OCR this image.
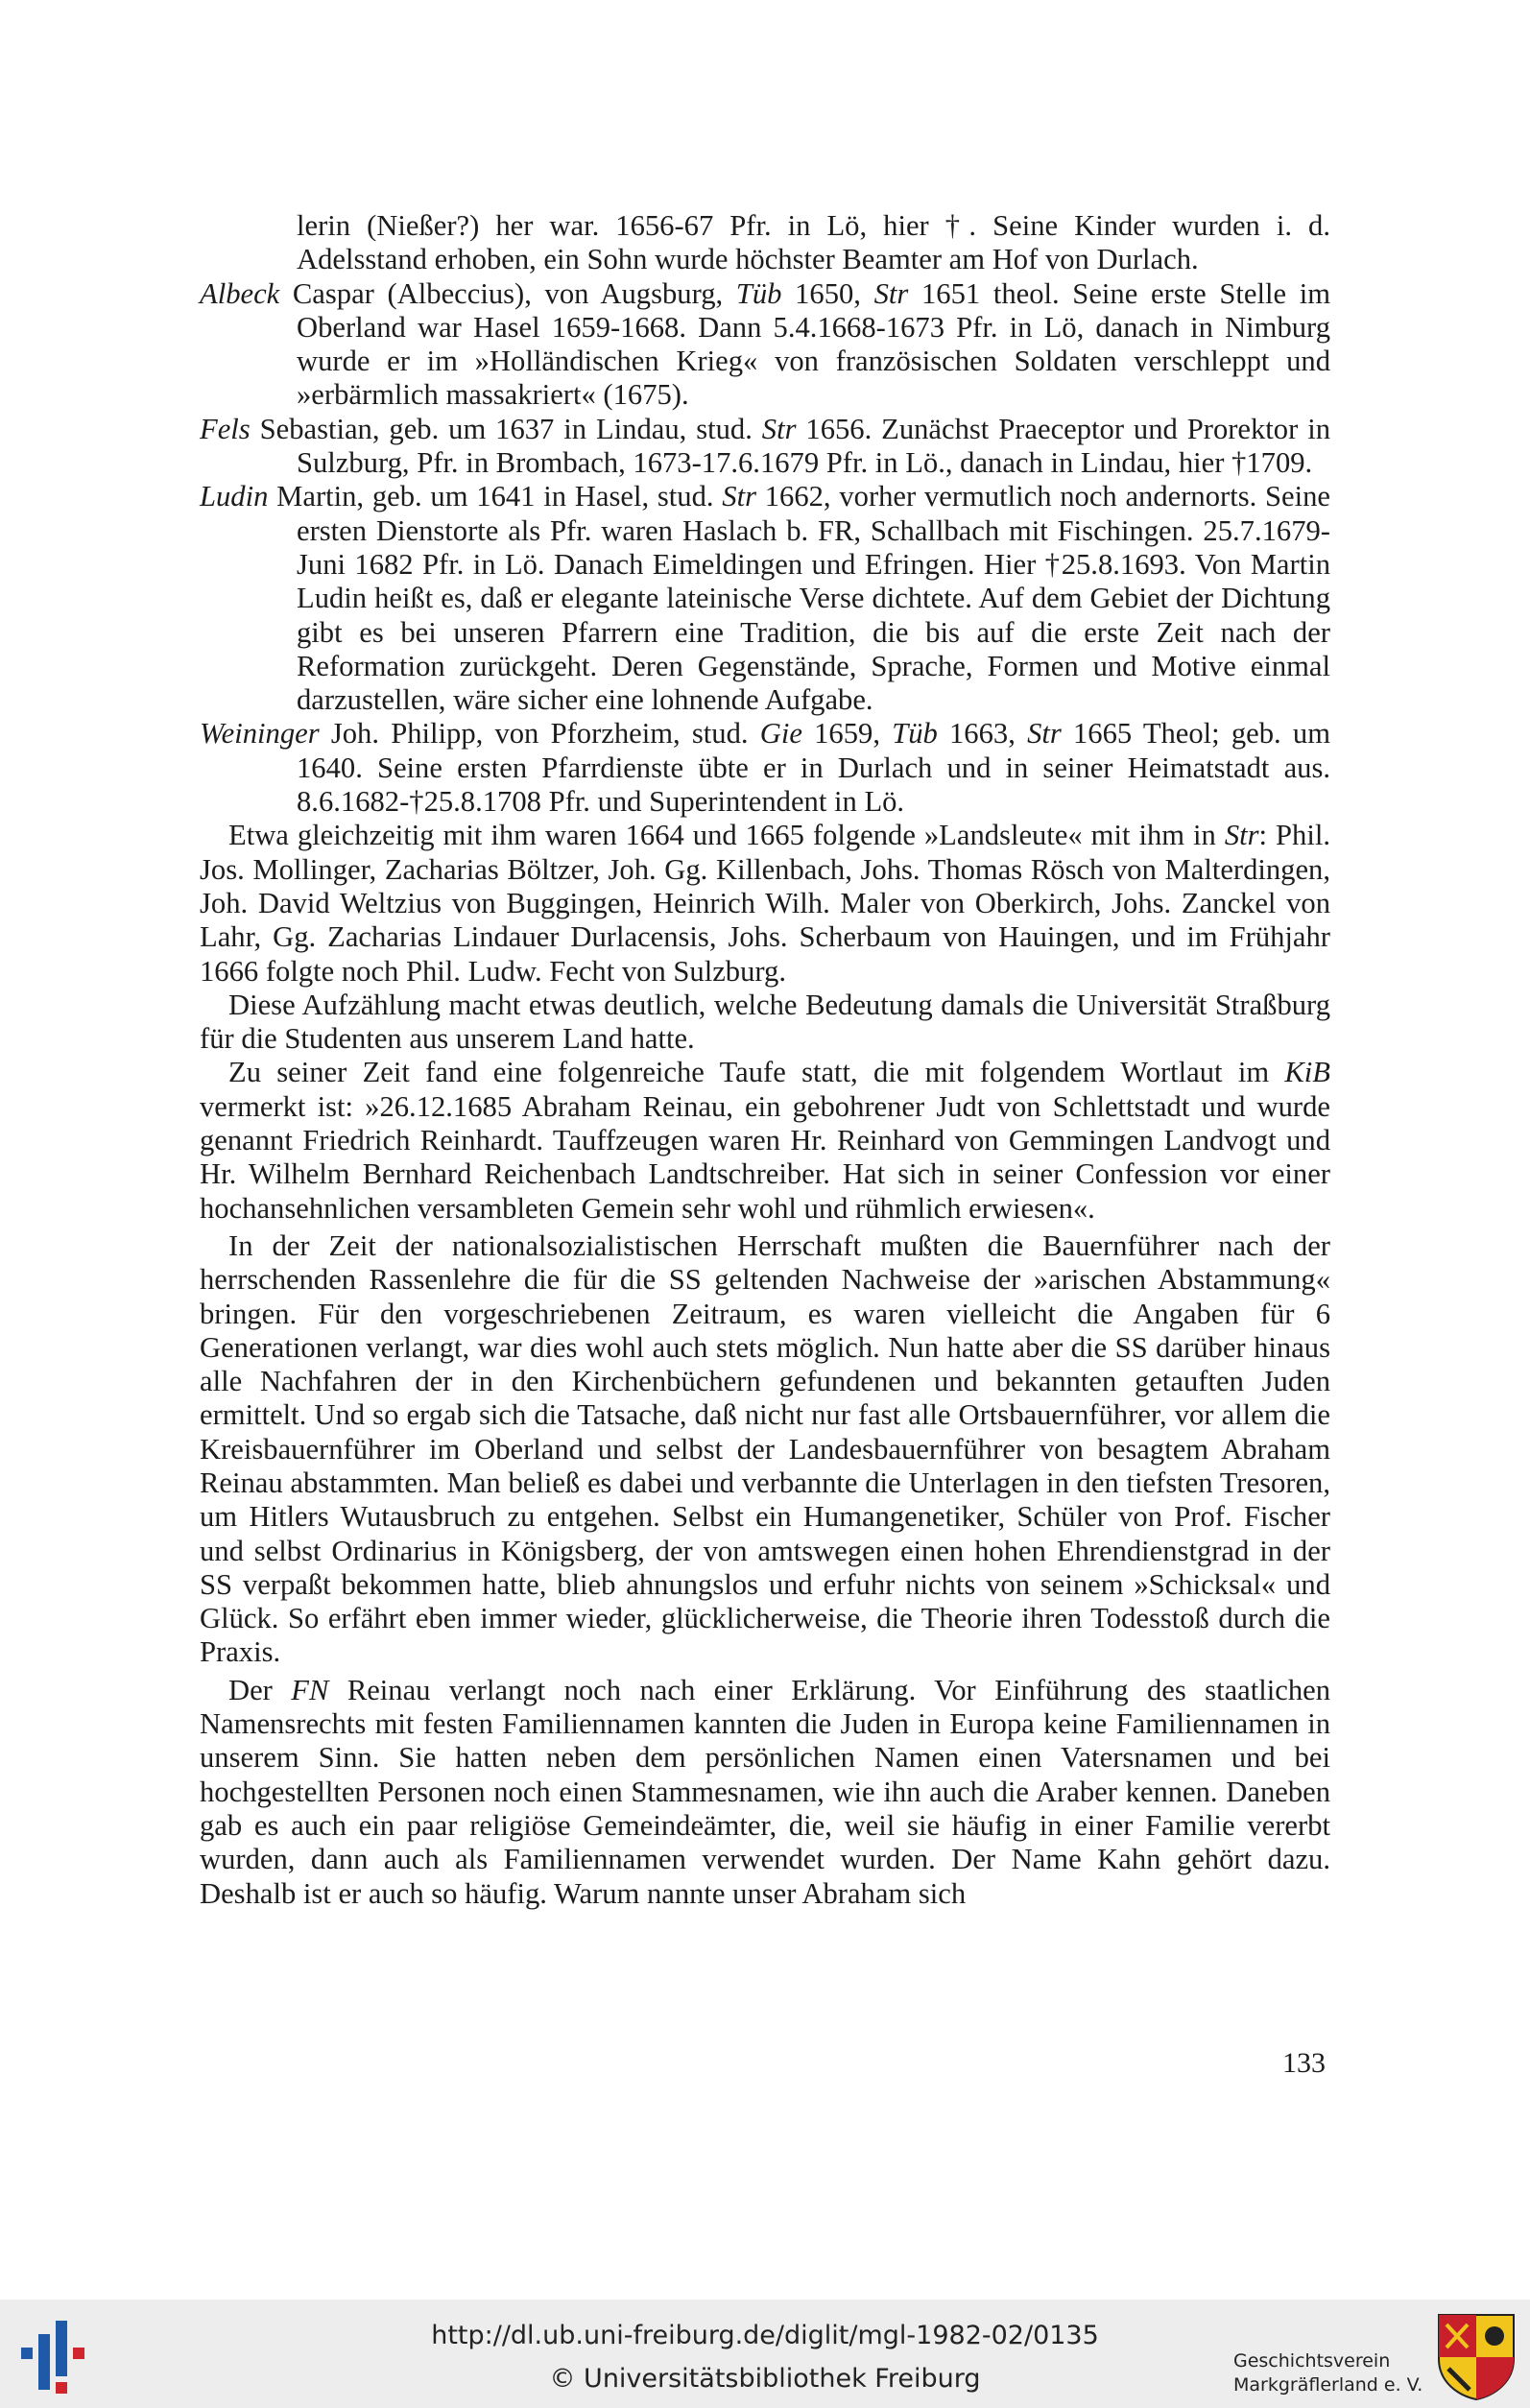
lerin (Nießer?) her war. 1656-67 Pfr. in Lö, hier †. Seine Kinder wurden i. d. Adelsstand erhoben, ein Sohn wurde höchster Beamter am Hof von Durlach.
Albeck Caspar (Albeccius), von Augsburg, Tüb 1650, Str 1651 theol. Seine erste Stelle im Oberland war Hasel 1659-1668. Dann 5.4.1668-1673 Pfr. in Lö, danach in Nimburg wurde er im »Holländischen Krieg« von französischen Soldaten verschleppt und »erbärmlich massakriert« (1675).
Fels Sebastian, geb. um 1637 in Lindau, stud. Str 1656. Zunächst Praeceptor und Prorektor in Sulzburg, Pfr. in Brombach, 1673-17.6.1679 Pfr. in Lö., danach in Lindau, hier †1709.
Ludin Martin, geb. um 1641 in Hasel, stud. Str 1662, vorher vermutlich noch andernorts. Seine ersten Dienstorte als Pfr. waren Haslach b. FR, Schallbach mit Fischingen. 25.7.1679-Juni 1682 Pfr. in Lö. Danach Eimeldingen und Efringen. Hier †25.8.1693. Von Martin Ludin heißt es, daß er elegante lateinische Verse dichtete. Auf dem Gebiet der Dichtung gibt es bei unseren Pfarrern eine Tradition, die bis auf die erste Zeit nach der Reformation zurückgeht. Deren Gegenstände, Sprache, Formen und Motive einmal darzustellen, wäre sicher eine lohnende Aufgabe.
Weininger Joh. Philipp, von Pforzheim, stud. Gie 1659, Tüb 1663, Str 1665 Theol; geb. um 1640. Seine ersten Pfarrdienste übte er in Durlach und in seiner Heimatstadt aus. 8.6.1682-†25.8.1708 Pfr. und Superintendent in Lö.
Etwa gleichzeitig mit ihm waren 1664 und 1665 folgende »Landsleute« mit ihm in Str: Phil. Jos. Mollinger, Zacharias Böltzer, Joh. Gg. Killenbach, Johs. Thomas Rösch von Malterdingen, Joh. David Weltzius von Buggingen, Heinrich Wilh. Maler von Oberkirch, Johs. Zanckel von Lahr, Gg. Zacharias Lindauer Durlacensis, Johs. Scherbaum von Hauingen, und im Frühjahr 1666 folgte noch Phil. Ludw. Fecht von Sulzburg.
Diese Aufzählung macht etwas deutlich, welche Bedeutung damals die Universität Straßburg für die Studenten aus unserem Land hatte.
Zu seiner Zeit fand eine folgenreiche Taufe statt, die mit folgendem Wortlaut im KiB vermerkt ist: »26.12.1685 Abraham Reinau, ein gebohrener Judt von Schlettstadt und wurde genannt Friedrich Reinhardt. Tauffzeugen waren Hr. Reinhard von Gemmingen Landvogt und Hr. Wilhelm Bernhard Reichenbach Landtschreiber. Hat sich in seiner Confession vor einer hochansehnlichen versambleten Gemein sehr wohl und rühmlich erwiesen«.
In der Zeit der nationalsozialistischen Herrschaft mußten die Bauernführer nach der herrschenden Rassenlehre die für die SS geltenden Nachweise der »arischen Abstammung« bringen. Für den vorgeschriebenen Zeitraum, es waren vielleicht die Angaben für 6 Generationen verlangt, war dies wohl auch stets möglich. Nun hatte aber die SS darüber hinaus alle Nachfahren der in den Kirchenbüchern gefundenen und bekannten getauften Juden ermittelt. Und so ergab sich die Tatsache, daß nicht nur fast alle Ortsbauernführer, vor allem die Kreisbauernführer im Oberland und selbst der Landesbauernführer von besagtem Abraham Reinau abstammten. Man beließ es dabei und verbannte die Unterlagen in den tiefsten Tresoren, um Hitlers Wutausbruch zu entgehen. Selbst ein Humangenetiker, Schüler von Prof. Fischer und selbst Ordinarius in Königsberg, der von amtswegen einen hohen Ehrendienstgrad in der SS verpaßt bekommen hatte, blieb ahnungslos und erfuhr nichts von seinem »Schicksal« und Glück. So erfährt eben immer wieder, glücklicherweise, die Theorie ihren Todesstoß durch die Praxis.
Der FN Reinau verlangt noch nach einer Erklärung. Vor Einführung des staatlichen Namensrechts mit festen Familiennamen kannten die Juden in Europa keine Familiennamen in unserem Sinn. Sie hatten neben dem persönlichen Namen einen Vatersnamen und bei hochgestellten Personen noch einen Stammesnamen, wie ihn auch die Araber kennen. Daneben gab es auch ein paar religiöse Gemeindeämter, die, weil sie häufig in einer Familie vererbt wurden, dann auch als Familiennamen verwendet wurden. Der Name Kahn gehört dazu. Deshalb ist er auch so häufig. Warum nannte unser Abraham sich
133
http://dl.ub.uni-freiburg.de/diglit/mgl-1982-02/0135
© Universitätsbibliothek Freiburg
Geschichtsverein
Markgräflerland e. V.
